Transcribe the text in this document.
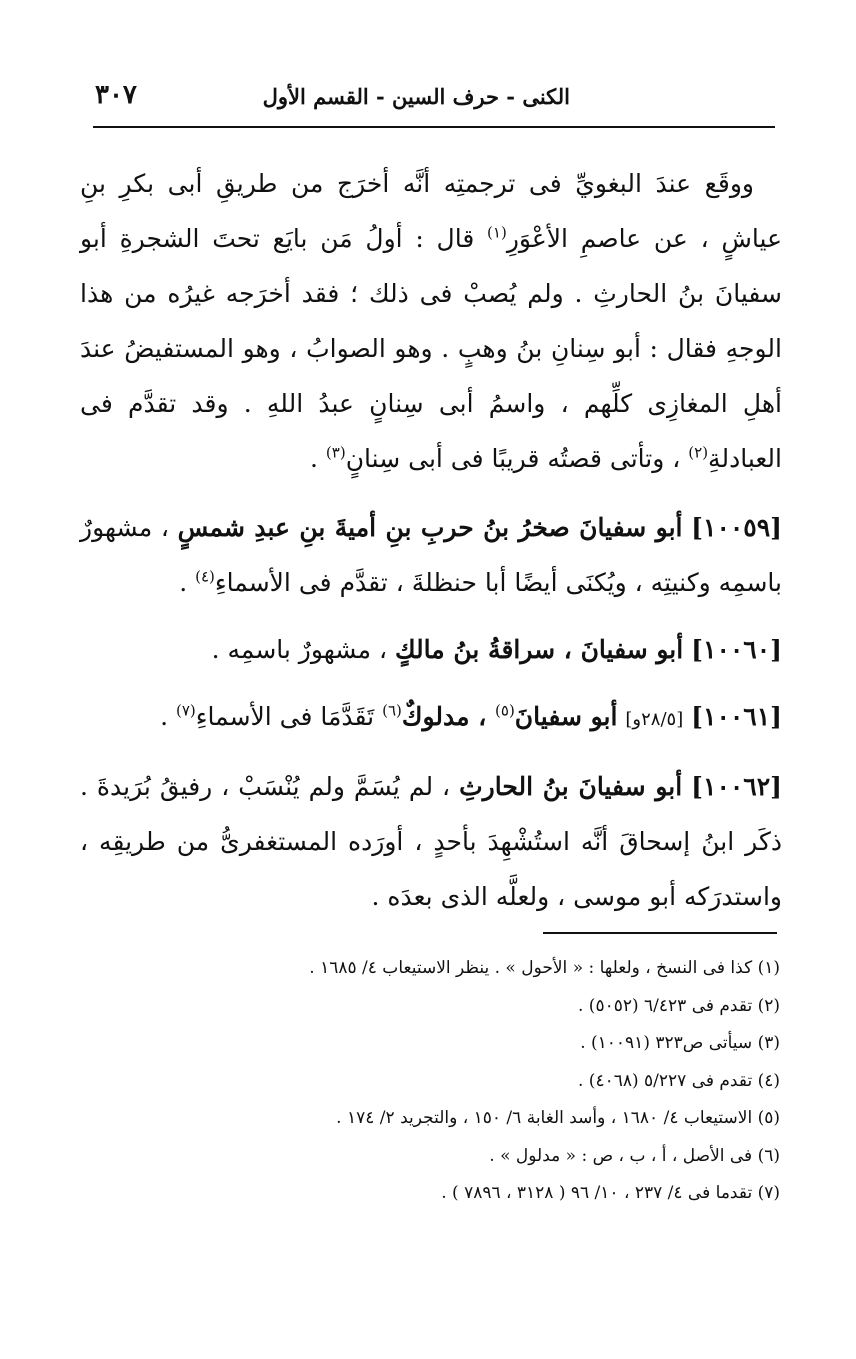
٣٠٧	الكنى - حرف السين - القسم الأول

ووقَع عندَ البغويِّ فى ترجمتِه أنَّه أخرَج من طريقِ أبى بكرِ بنِ عياشٍ ، عن عاصمِ الأعْوَرِ$^{(١)}$ قال : أولُ مَن بايَع تحتَ الشجرةِ أبو سفيانَ بنُ الحارثِ . ولم يُصبْ فى ذلك ؛ فقد أخرَجه غيرُه من هذا الوجهِ فقال : أبو سِنانِ بنُ وهبٍ . وهو الصوابُ ، وهو المستفيضُ عندَ أهلِ المغازِى كلِّهم ، واسمُ أبى سِنانٍ عبدُ اللهِ . وقد تقدَّم فى العبادلةِ$^{(٢)}$ ، وتأتى قصتُه قريبًا فى أبى سِنانٍ$^{(٣)}$ .

[١٠٠٥٩] أبو سفيانَ صخرُ بنُ حربِ بنِ أميةَ بنِ عبدِ شمسٍ ، مشهورٌ باسمِه وكنيتِه ، ويُكنَى أيضًا أبا حنظلةَ ، تقدَّم فى الأسماءِ$^{(٤)}$ .

[١٠٠٦٠] أبو سفيانَ ، سراقةُ بنُ مالكٍ ، مشهورٌ باسمِه .

[١٠٠٦١] [٢٨/٥و] أبو سفيانَ$^{(٥)}$ ، مدلوكٌ$^{(٦)}$ تَقَدَّمَا فى الأسماءِ$^{(٧)}$ .

[١٠٠٦٢] أبو سفيانَ بنُ الحارثِ ، لم يُسَمَّ ولم يُنْسَبْ ، رفيقُ بُرَيدةَ . ذكَر ابنُ إسحاقَ أنَّه استُشْهِدَ بأحدٍ ، أورَده المستغفرىُّ من طريقِه ، واستدرَكه أبو موسى ، ولعلَّه الذى بعدَه .

(١) كذا فى النسخ ، ولعلها : « الأحول » . ينظر الاستيعاب ٤/ ١٦٨٥ .
(٢) تقدم فى ٦/٤٢٣ (٥٠٥٢) .
(٣) سيأتى ص٣٢٣ (١٠٠٩١) .
(٤) تقدم فى ٥/٢٢٧ (٤٠٦٨) .
(٥) الاستيعاب ٤/ ١٦٨٠ ، وأسد الغابة ٦/ ١٥٠ ، والتجريد ٢/ ١٧٤ .
(٦) فى الأصل ، أ ، ب ، ص : « مدلول » .
(٧) تقدما فى ٤/ ٢٣٧ ، ١٠/ ٩٦ ( ٣١٢٨ ، ٧٨٩٦ ) .
